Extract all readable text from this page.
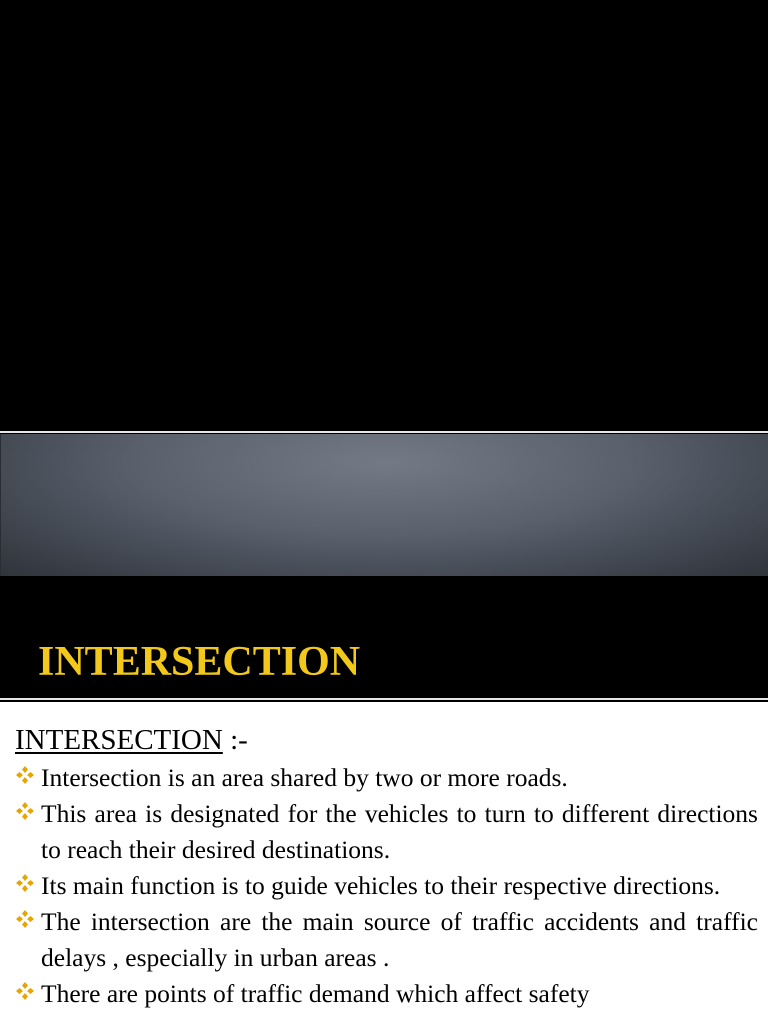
INTERSECTION
INTERSECTION :-
Intersection is an area shared by two or more roads.
This area is designated for the vehicles to turn to different directions to reach their desired destinations.
Its main function is to guide vehicles to their respective directions.
The intersection are the main source of traffic accidents and traffic delays , especially in urban areas .
There are points of traffic demand which affect safety
